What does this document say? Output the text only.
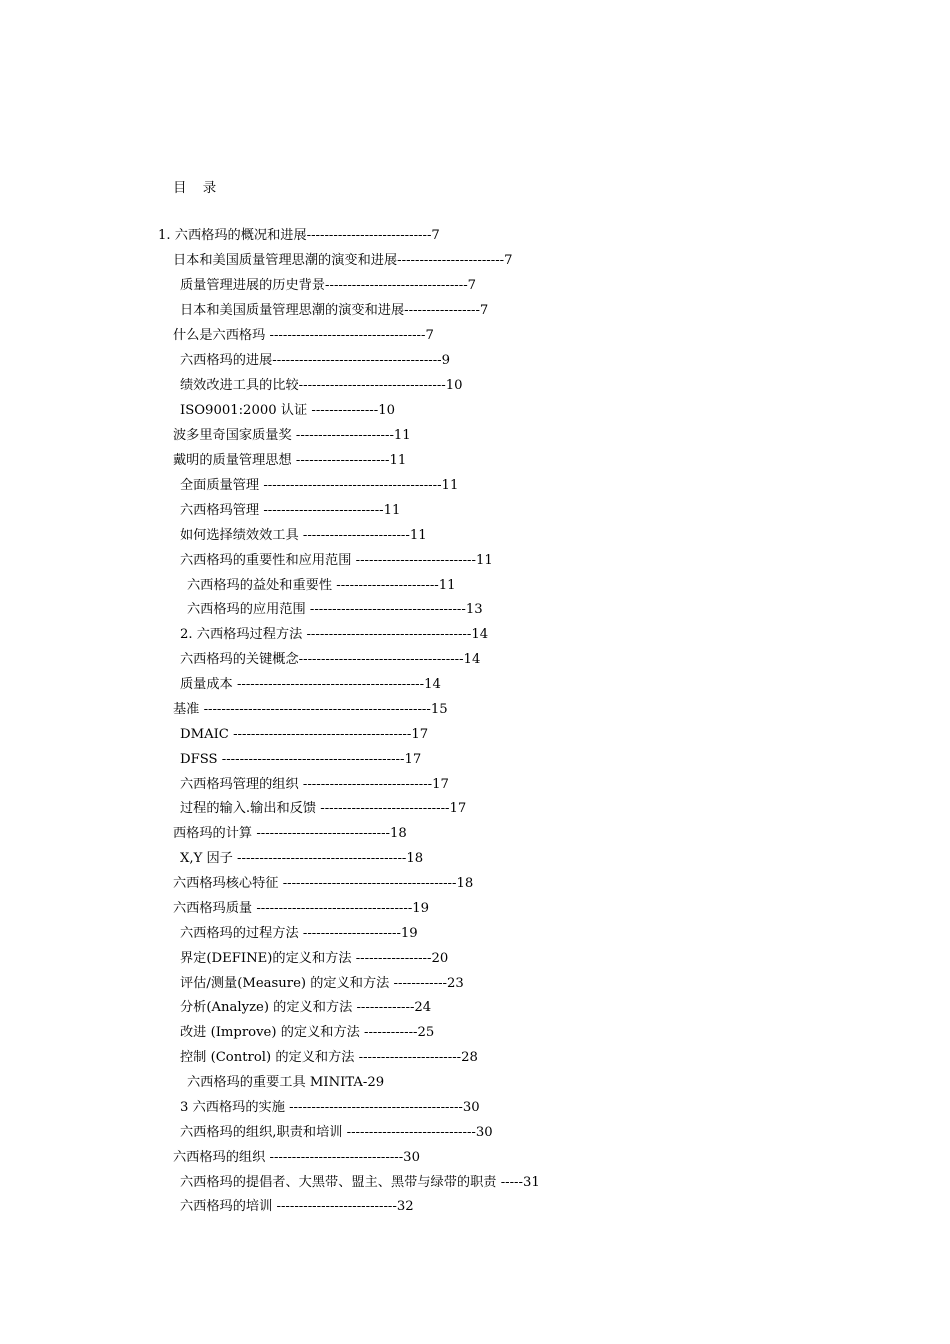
目 录
1. 六西格玛的概况和进展----------------------------7
日本和美国质量管理思潮的演变和进展------------------------7
质量管理进展的历史背景--------------------------------7
日本和美国质量管理思潮的演变和进展-----------------7
什么是六西格玛 -----------------------------------7
六西格玛的进展--------------------------------------9
绩效改进工具的比较---------------------------------10
ISO9001:2000 认证 ---------------10
波多里奇国家质量奖 ----------------------11
戴明的质量管理思想 ---------------------11
全面质量管理 ----------------------------------------11
六西格玛管理 ---------------------------11
如何选择绩效效工具 ------------------------11
六西格玛的重要性和应用范围 ---------------------------11
六西格玛的益处和重要性 -----------------------11
六西格玛的应用范围 -----------------------------------13
2. 六西格玛过程方法 -------------------------------------14
六西格玛的关键概念-------------------------------------14
质量成本 ------------------------------------------14
基准 ---------------------------------------------------15
DMAIC ----------------------------------------17
DFSS -----------------------------------------17
六西格玛管理的组织 -----------------------------17
过程的输入.输出和反馈 -----------------------------17
西格玛的计算 ------------------------------18
X,Y 因子 --------------------------------------18
六西格玛核心特征 ---------------------------------------18
六西格玛质量 -----------------------------------19
六西格玛的过程方法 ----------------------19
界定(DEFINE)的定义和方法 -----------------20
评估/测量(Measure) 的定义和方法 ------------23
分析(Analyze) 的定义和方法 -------------24
改进 (Improve) 的定义和方法 ------------25
控制 (Control) 的定义和方法 -----------------------28
六西格玛的重要工具 MINITA-29
3 六西格玛的实施 ---------------------------------------30
六西格玛的组织,职责和培训 -----------------------------30
六西格玛的组织 ------------------------------30
六西格玛的提倡者、大黑带、盟主、黑带与绿带的职责 -----31
六西格玛的培训 ---------------------------32
